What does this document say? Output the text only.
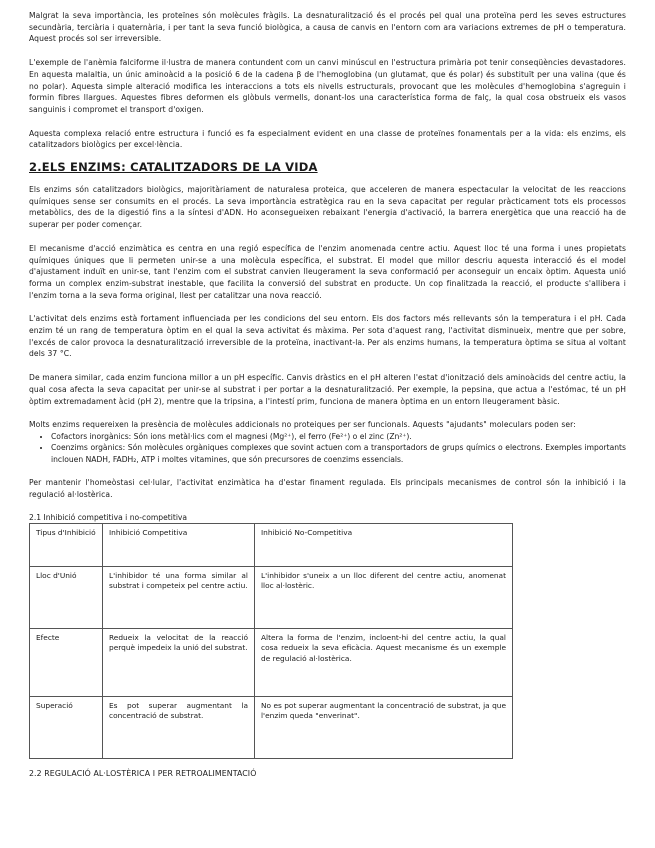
Malgrat la seva importància, les proteïnes són molècules fràgils. La desnaturalització és el procés pel qual una proteïna perd les seves estructures secundària, terciària i quaternària, i per tant la seva funció biològica, a causa de canvis en l'entorn com ara variacions extremes de pH o temperatura. Aquest procés sol ser irreversible.

L'exemple de l'anèmia falciforme il·lustra de manera contundent com un canvi minúscul en l'estructura primària pot tenir conseqüències devastadores. En aquesta malaltia, un únic aminoàcid a la posició 6 de la cadena β de l'hemoglobina (un glutamat, que és polar) és substituït per una valina (que és no polar). Aquesta simple alteració modifica les interaccions a tots els nivells estructurals, provocant que les molècules d'hemoglobina s'agreguin i formin fibres llargues. Aquestes fibres deformen els glòbuls vermells, donant-los una característica forma de falç, la qual cosa obstrueix els vasos sanguinis i compromet el transport d'oxigen.

Aquesta complexa relació entre estructura i funció es fa especialment evident en una classe de proteïnes fonamentals per a la vida: els enzims, els catalitzadors biològics per excel·lència.

2.ELS ENZIMS: CATALITZADORS DE LA VIDA

Els enzims són catalitzadors biològics, majoritàriament de naturalesa proteica, que acceleren de manera espectacular la velocitat de les reaccions químiques sense ser consumits en el procés. La seva importància estratègica rau en la seva capacitat per regular pràcticament tots els processos metabòlics, des de la digestió fins a la síntesi d'ADN. Ho aconsegueixen rebaixant l'energia d'activació, la barrera energètica que una reacció ha de superar per poder començar.

El mecanisme d'acció enzimàtica es centra en una regió específica de l'enzim anomenada centre actiu. Aquest lloc té una forma i unes propietats químiques úniques que li permeten unir-se a una molècula específica, el substrat. El model que millor descriu aquesta interacció és el model d'ajustament induït en unir-se, tant l'enzim com el substrat canvien lleugerament la seva conformació per aconseguir un encaix òptim. Aquesta unió forma un complex enzim-substrat inestable, que facilita la conversió del substrat en producte. Un cop finalitzada la reacció, el producte s'allibera i l'enzim torna a la seva forma original, llest per catalitzar una nova reacció.

L'activitat dels enzims està fortament influenciada per les condicions del seu entorn. Els dos factors més rellevants són la temperatura i el pH. Cada enzim té un rang de temperatura òptim en el qual la seva activitat és màxima. Per sota d'aquest rang, l'activitat disminueix, mentre que per sobre, l'excés de calor provoca la desnaturalització irreversible de la proteïna, inactivant-la. Per als enzims humans, la temperatura òptima se situa al voltant dels 37 °C.

De manera similar, cada enzim funciona millor a un pH específic. Canvis dràstics en el pH alteren l'estat d'ionització dels aminoàcids del centre actiu, la qual cosa afecta la seva capacitat per unir-se al substrat i per portar a la desnaturalització. Per exemple, la pepsina, que actua a l'estómac, té un pH òptim extremadament àcid (pH 2), mentre que la tripsina, a l'intestí prim, funciona de manera òptima en un entorn lleugerament bàsic.

Molts enzims requereixen la presència de molècules addicionals no proteiques per ser funcionals. Aquests "ajudants" moleculars poden ser:

• Cofactors inorgànics: Són ions metàl·lics com el magnesi (Mg²⁺), el ferro (Fe²⁺) o el zinc (Zn²⁺).
• Coenzims orgànics: Són molècules orgàniques complexes que sovint actuen com a transportadors de grups químics o electrons. Exemples importants inclouen NADH, FADH₂, ATP i moltes vitamines, que són precursores de coenzims essencials.

Per mantenir l'homeòstasi cel·lular, l'activitat enzimàtica ha d'estar finament regulada. Els principals mecanismes de control són la inhibició i la regulació al·lostèrica.

2.1 Inhibició competitiva i no-competitiva
Tipus d'Inhibició	Inhibició Competitiva	Inhibició No-Competitiva
Lloc d'Unió	L'inhibidor té una forma similar al substrat i competeix pel centre actiu.	L'inhibidor s'uneix a un lloc diferent del centre actiu, anomenat lloc al·lostèric.
Efecte	Redueix la velocitat de la reacció perquè impedeix la unió del substrat.	Altera la forma de l'enzim, incloent-hi del centre actiu, la qual cosa redueix la seva eficàcia. Aquest mecanisme és un exemple de regulació al·lostèrica.
Superació	Es pot superar augmentant la concentració de substrat.	No es pot superar augmentant la concentració de substrat, ja que l'enzim queda "enverinat".
2.2 REGULACIÓ AL·LOSTÈRICA I PER RETROALIMENTACIÓ
